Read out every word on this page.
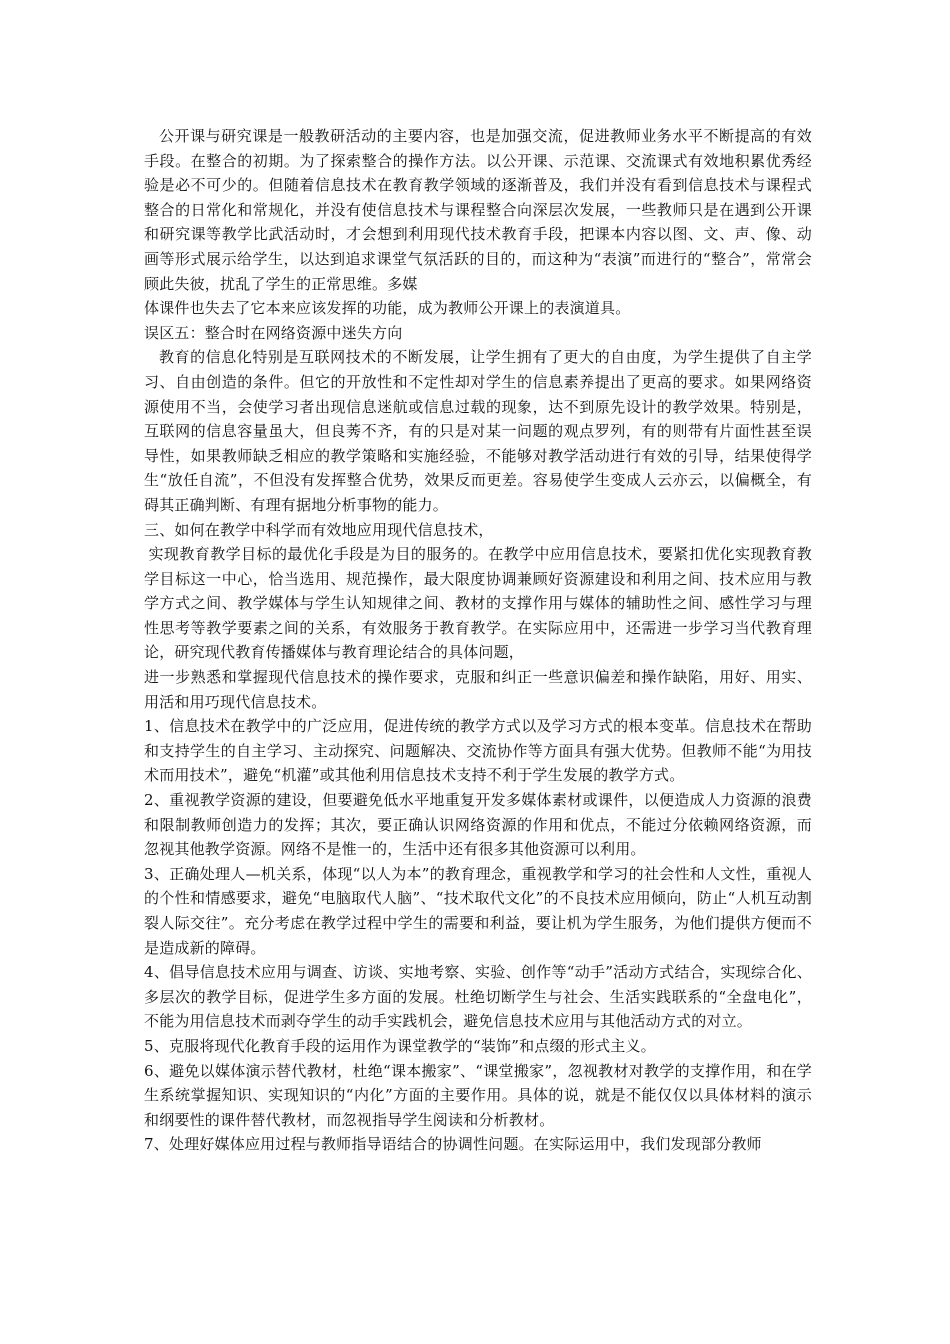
公开课与研究课是一般教研活动的主要内容，也是加强交流，促进教师业务水平不断提高的有效手段。在整合的初期。为了探索整合的操作方法。以公开课、示范课、交流课式有效地积累优秀经验是必不可少的。但随着信息技术在教育教学领域的逐渐普及，我们并没有看到信息技术与课程式整合的日常化和常规化，并没有使信息技术与课程整合向深层次发展，一些教师只是在遇到公开课和研究课等教学比武活动时，才会想到利用现代技术教育手段，把课本内容以图、文、声、像、动画等形式展示给学生，以达到追求课堂气氛活跃的目的，而这种为“表演”而进行的“整合”，常常会顾此失彼，扰乱了学生的正常思维。多媒

体课件也失去了它本来应该发挥的功能，成为教师公开课上的表演道具。

误区五：整合时在网络资源中迷失方向

教育的信息化特别是互联网技术的不断发展，让学生拥有了更大的自由度，为学生提供了自主学习、自由创造的条件。但它的开放性和不定性却对学生的信息素养提出了更高的要求。如果网络资源使用不当，会使学习者出现信息迷航或信息过载的现象，达不到原先设计的教学效果。特别是，互联网的信息容量虽大，但良莠不齐，有的只是对某一问题的观点罗列，有的则带有片面性甚至误导性，如果教师缺乏相应的教学策略和实施经验，不能够对教学活动进行有效的引导，结果使得学生“放任自流”，不但没有发挥整合优势，效果反而更差。容易使学生变成人云亦云，以偏概全，有碍其正确判断、有理有据地分析事物的能力。

三、如何在教学中科学而有效地应用现代信息技术，

实现教育教学目标的最优化手段是为目的服务的。在教学中应用信息技术，要紧扣优化实现教育教学目标这一中心，恰当选用、规范操作，最大限度协调兼顾好资源建设和利用之间、技术应用与教学方式之间、教学媒体与学生认知规律之间、教材的支撑作用与媒体的辅助性之间、感性学习与理性思考等教学要素之间的关系，有效服务于教育教学。在实际应用中，还需进一步学习当代教育理论，研究现代教育传播媒体与教育理论结合的具体问题，

进一步熟悉和掌握现代信息技术的操作要求，克服和纠正一些意识偏差和操作缺陷，用好、用实、用活和用巧现代信息技术。

1、信息技术在教学中的广泛应用，促进传统的教学方式以及学习方式的根本变革。信息技术在帮助和支持学生的自主学习、主动探究、问题解决、交流协作等方面具有强大优势。但教师不能“为用技术而用技术”，避免“机灌”或其他利用信息技术支持不利于学生发展的教学方式。

2、重视教学资源的建设，但要避免低水平地重复开发多媒体素材或课件，以便造成人力资源的浪费和限制教师创造力的发挥；其次，要正确认识网络资源的作用和优点，不能过分依赖网络资源，而忽视其他教学资源。网络不是惟一的，生活中还有很多其他资源可以利用。

3、正确处理人—机关系，体现“以人为本”的教育理念，重视教学和学习的社会性和人文性，重视人的个性和情感要求，避免“电脑取代人脑”、“技术取代文化”的不良技术应用倾向，防止“人机互动割裂人际交往”。充分考虑在教学过程中学生的需要和利益，要让机为学生服务，为他们提供方便而不是造成新的障碍。

4、倡导信息技术应用与调查、访谈、实地考察、实验、创作等“动手”活动方式结合，实现综合化、多层次的教学目标，促进学生多方面的发展。杜绝切断学生与社会、生活实践联系的“全盘电化”，不能为用信息技术而剥夺学生的动手实践机会，避免信息技术应用与其他活动方式的对立。

5、克服将现代化教育手段的运用作为课堂教学的“装饰”和点缀的形式主义。

6、避免以媒体演示替代教材，杜绝“课本搬家”、“课堂搬家”，忽视教材对教学的支撑作用，和在学生系统掌握知识、实现知识的“内化”方面的主要作用。具体的说，就是不能仅仅以具体材料的演示和纲要性的课件替代教材，而忽视指导学生阅读和分析教材。

7、处理好媒体应用过程与教师指导语结合的协调性问题。在实际运用中，我们发现部分教师
